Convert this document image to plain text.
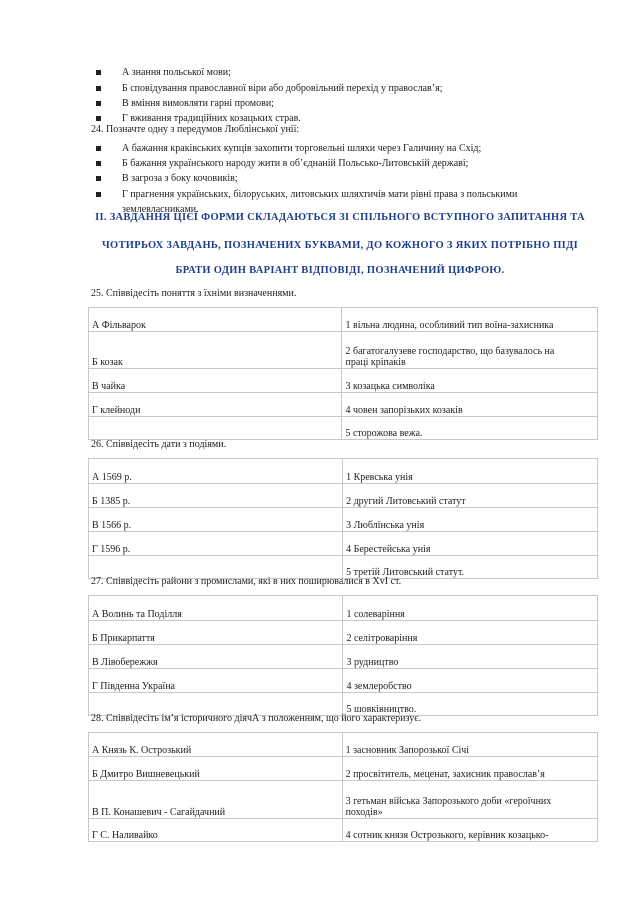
А знання польської мови;
Б сповідування православної віри або добровільний перехід у православ’я;
В вміння вимовляти гарні промови;
Г вживання традиційних козацьких страв.
24. Позначте одну з передумов Люблінської унії:
А бажання краківських купців захопити торговельні шляхи через Галичину на Схід;
Б бажання українського народу жити в об’єднаній Польсько-Литовській державі;
В загроза з боку кочовиків;
Г прагнення українських, білоруських, литовських шляхтичів мати рівні права з польськими
землевласниками.
ІІ. ЗАВДАННЯ ЦІЄЇ ФОРМИ СКЛАДАЮТЬСЯ ЗІ СПІЛЬНОГО ВСТУПНОГО ЗАПИТАННЯ ТА
ЧОТИРЬОХ ЗАВДАНЬ, ПОЗНАЧЕНИХ БУКВАМИ, ДО КОЖНОГО З ЯКИХ ПОТРІБНО ПІДІ
БРАТИ ОДИН ВАРІАНТ ВІДПОВІДІ, ПОЗНАЧЕНИЙ ЦИФРОЮ.
25. Співвідесіть поняття з їхніми визначеннями.
А Фільварок	1 вільна людина, особливий тип воїна-захисника

Б козак	2 багатогалузеве господарство, що базувалось на
праці кріпаків

В чайка	3 козацька символіка

Г клейноди	4 човен запорізьких козаків

	5 сторожова вежа.
26. Співвідесіть дати з подіями.
А 1569 р.	1 Кревська унія

Б 1385 р.	2 другий Литовський статут

В 1566 р.	3 Люблінська унія

Г 1596 р.	4 Берестейська унія

	5 третій Литовський статут.
27. Співвідесіть райони з промислами, які в них поширювалися в XvI ст.
А Волинь та Поділля	1 солеваріння

Б Прикарпаття	2 селітроваріння

В Лівобережжя	3 рудництво

Г Південна Україна	4 землеробство

	5 шовківництво.
28. Співвідесіть ім’я історичного діячА з положенням, що його характеризує.
А Князь К. Острозький	1 засновник Запорозької Січі

Б Дмитро Вишневецький	2 просвітитель, меценат, захисник православ’я

В П. Конашевич - Сагайдачний	3 гетьман війська Запорозького доби «героїчних
походів»

Г С. Наливайко	4 сотник князя Острозького, керівник козацько-
